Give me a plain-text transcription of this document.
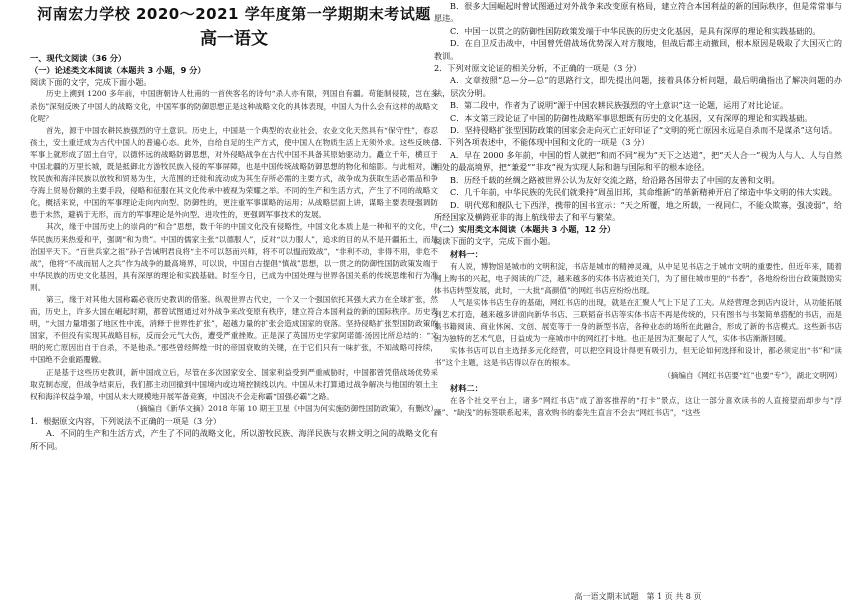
河南宏力学校 2020～2021 学年度第一学期期末考试题
高一语文
一、现代文阅读（36 分）
（一）论述类文本阅读（本题共 3 小题，9 分）
阅读下面的文字，完成下面小题。
历史上溯到 1200 多年前，中国唐朝诗人杜甫的一首侠客名的诗句“杀人亦有限，列国自有疆。苟能制侵陵，岂在多杀伤”深刻反映了中国人的战略文化，中国军事的防御思想正是这种战略文化的具体表现，中国人为什么会有这样的战略文化呢？
首先，源于中国农耕民族强烈的守土意识。历史上，中国是一个典型的农业社会，农业文化天然具有“保守性”，春忍孩土，安土重迁成为古代中国人的普遍心态。此外，自给自足的生产方式，使中国人在物质生活上无须外求。这些反映在军事上就形成了固土自守，以德怀远的战略防御思想，对外侵略战争在古代中国不具备其原始驱动力。矗立千年，横亘于中国北疆的万里长城，既是抵御北方游牧民族入侵的军事屏障，也是中国传统战略防御思想的物化和缩影。与此相对，游牧民族和海洋民族以放牧和贸易为生，大范围的迁徙和流动成为其生存所必需的主要方式，战争成为获取生活必需品和争夺海上贸易份额的主要手段，侵略和征服在其文化传承中被视为荣耀之举。不同的生产和生活方式，产生了不同的战略文化，概括来说，中国的军事理论走向内向型、防御性的，更注重军事谋略的运用；从战略层面上讲，谋略主要表现强调防患于未然，避祸于无形，而方的军事理论是外向型、进攻性的，更强调军事技术的发展。
其次，缘于中国历史上的崇尚的“和合”思想，数千年的中国文化没有侵略性，中国文化本质上是一种和平的文化，中华民族历来热爱和平，强调“和为贵”。中国的儒家主张“以德服人”，反对“以力服人”，追求的目的从不是开疆拓土，而是治国平天下。“百世兵家之祖”孙子告诫明君良将“主不可以怒而兴师，将不可以愠而致战”，“非利不动，非得不用，非危不战”，他将“不战而屈人之兵”作为战争的最高境界，可以说，中国自古提倡“慎战”思想，以一贯之的防御性国防政策发端于中华民族的历史文化基因，具有深厚的理论和实践基础。时至今日，已成为中国处理与世界各国关系的传统思维和行为准则。
第三，缘于对其他大国称霸必衰历史教训的借鉴。纵观世界古代史，一个又一个强国依托其强大武力在全球扩张，然而，历史上，许多大国在崛起时期，都曾试图通过对外战争来改变原有秩序，建立符合本国利益的新的国际秩序。历史表明，“大国力量增强了地区性中流，消释于世界性扩张”，超越力量的扩张会造成国家的衰落。坚持侵略扩张型国防政策的国家，不但没有实现其战略目标，反而会元气大伤，遭受严重挫败。正是深了英国历史学家阿诺德·汤因比所总结的：“文明的死亡原因出自于自杀，不是他杀。”那些曾经辉煌一时的帝国衰败的关键，在于它们只有一味扩张，不知战略可持续，中国绝不会重蹈覆辙。
正是基于这些历史教训，新中国成立后，尽管在多次国家安全、国家利益受到严重威胁时，中国都曾凭借战场优势采取克制态度，但战争结束后，我们都主动回撤到中国境内或边境控制线以内。中国从未打算通过战争解决与他国的领土主权和海洋权益争端，中国从未大规模地开展军备竞赛，中国决不会走称霸“国强必霸”之路。
（摘编自《新华文摘》2018 年第 10 期王卫星《中国为何实施防御性国防政策》，有删改）
1．根据原文内容，下列说法不正确的一项是（3 分）
A．不同的生产和生活方式，产生了不同的战略文化，所以游牧民族、海洋民族与农耕文明之间的战略文化有所不同。
B．很多大国崛起时曾试图通过对外战争来改变原有格局，建立符合本国利益的新的国际秩序，但是常常事与愿违。
C．中国一以贯之的防御性国防政策发端于中华民族的历史文化基因，是具有深厚的理论和实践基础的。
D．在自卫反击战中，中国曾凭借战场优势深入对方腹地，但战后都主动撤回，根本原因是吸取了大国灭亡的教训。
2．下列对原文论证的相关分析，不正确的一项是（3 分）
A．文章按照“总—分—总”的思路行文，即先提出问题，接着具体分析问题，最后明确指出了解决问题的办法，层次分明。
B．第二段中，作者为了说明“源于中国农耕民族强烈的守土意识”这一论题，运用了对比论证。
C．本文第三段论证了中国的防御性战略军事思想既有历史的文化基因，又有深厚的理论和实践基础。
D．坚持侵略扩张型国防政策的国家会走向灭亡正好印证了“文明的死亡原因永远是自杀而不是谋杀”这句话。
3．下列各项表述中，不能体现中国和文化的一项是（3 分）
A．早在 2000 多年前，中国的哲人就把“和而不同”视为“天下之达道”，把“天人合一”视为人与人、人与自然相处的最高境界，把“兼爱”“非攻”视为实现人际和谐与国际和平的根本途径。
B．历经千载的丝绸之路被世界公认为友好交流之路，给沿路各国带去了中国的友善和文明。
C．几千年前，中华民族的先民们就秉持“周虽旧邦，其命维新”的革新精神开启了缔造中华文明的伟大实践。
D．明代郑和舰队七下西洋，携带的国书宣示：“天之所覆，地之所载，一视同仁，不能众欺寡，强凌弱”，给所经国家及横跨亚非的海上航线带去了和平与繁荣。
（二）实用类文本阅读（本题共 3 小题，12 分）
阅读下面的文字，完成下面小题。
材料一：
有人说，博物馆是城市的文明积淀，书店是城市的精神灵魂，从中足见书店之于城市文明的重要性。但近年来，随着网上购书的兴起，电子阅读的广泛，越来越多的实体书店被迫关门，为了留住城市里的“书香”，各地纷纷出台政策鼓励实体书店转型发展，此时，一大批“高颜值”的网红书店应纷纷出现。
人气是实体书店生存的基础，网红书店的出现，就是在汇聚人气上下足了工夫。从经营理念到店内设计，从功能拓展到艺术打造，越来越多讲面向新华书店、三联韬奋书店等实体书店不再是传统的，只有图书与书架简单搭配的书店，而是集书籍阅读、商业休闲、文创、展览等于一身的新型书店，各种业态的场所在此融合，形成了新的书店模式。这些新书店因为独特的艺术气息，日益成为一座城市中的网红打卡地。也正是因为汇聚起了人气，实体书店渐渐回暖。
实体书店可以自主选择多元化经营，可以把空间设计得更有吸引力，但无论如何选择和设计，都必须定出“书”和“读书”这个主题，这是书店得以存在的根本。
（摘编自《网红书店要“红”也要“专”》，湖北文明网）
材料二：
在各个社交平台上，诸多“网红书店”成了游客推荐的“打卡”景点，这让一部分喜欢读书的人直接望而却步与“浮躁”、“缺浅”的标签联系起来，喜欢购书的泰先生直言不会去“网红书店”，“这些
高一语文期末试题　第 1 页 共 8 页
